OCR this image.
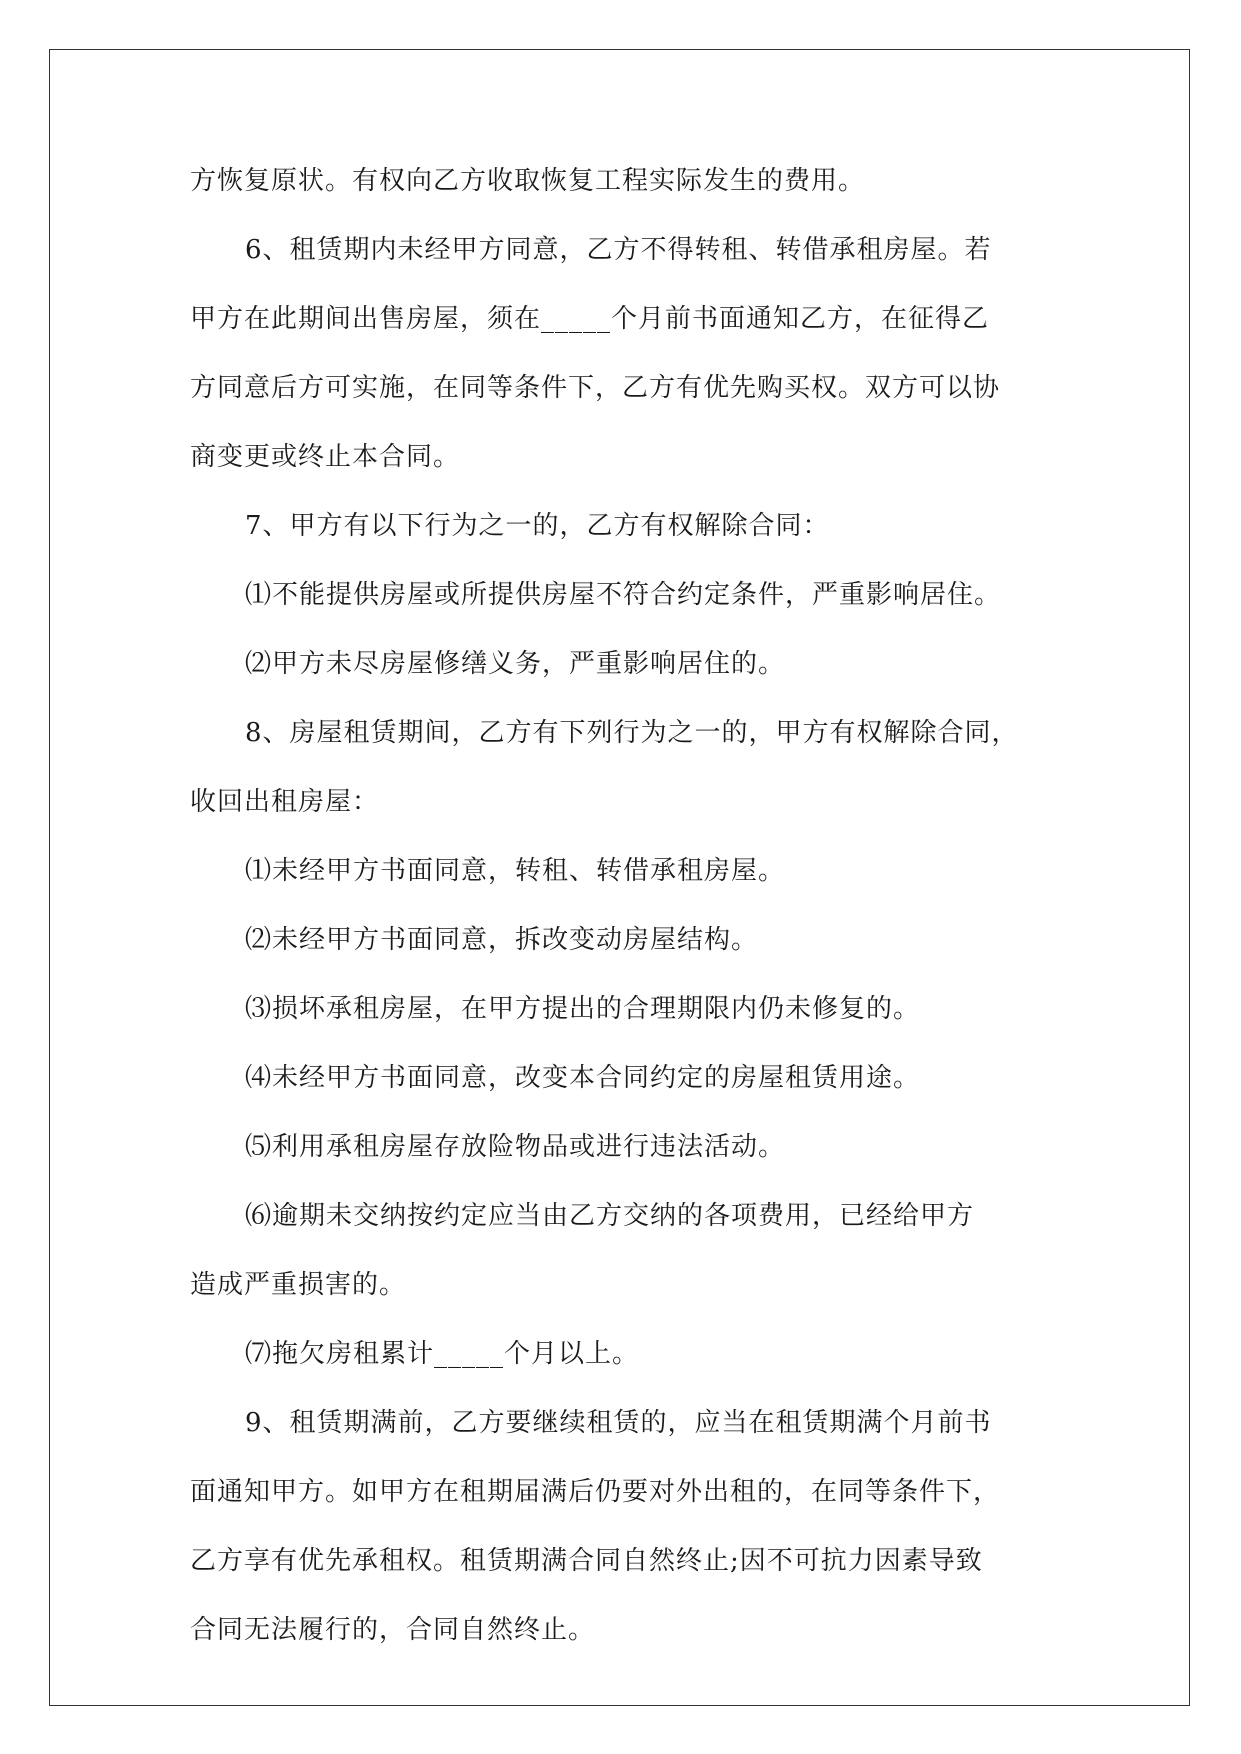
方恢复原状。有权向乙方收取恢复工程实际发生的费用。
6、租赁期内未经甲方同意，乙方不得转租、转借承租房屋。若
甲方在此期间出售房屋，须在_____个月前书面通知乙方，在征得乙
方同意后方可实施，在同等条件下，乙方有优先购买权。双方可以协
商变更或终止本合同。
7、甲方有以下行为之一的，乙方有权解除合同：
⑴不能提供房屋或所提供房屋不符合约定条件，严重影响居住。
⑵甲方未尽房屋修缮义务，严重影响居住的。
8、房屋租赁期间，乙方有下列行为之一的，甲方有权解除合同，
收回出租房屋：
⑴未经甲方书面同意，转租、转借承租房屋。
⑵未经甲方书面同意，拆改变动房屋结构。
⑶损坏承租房屋，在甲方提出的合理期限内仍未修复的。
⑷未经甲方书面同意，改变本合同约定的房屋租赁用途。
⑸利用承租房屋存放险物品或进行违法活动。
⑹逾期未交纳按约定应当由乙方交纳的各项费用，已经给甲方
造成严重损害的。
⑺拖欠房租累计_____个月以上。
9、租赁期满前，乙方要继续租赁的，应当在租赁期满个月前书
面通知甲方。如甲方在租期届满后仍要对外出租的，在同等条件下，
乙方享有优先承租权。租赁期满合同自然终止;因不可抗力因素导致
合同无法履行的，合同自然终止。
